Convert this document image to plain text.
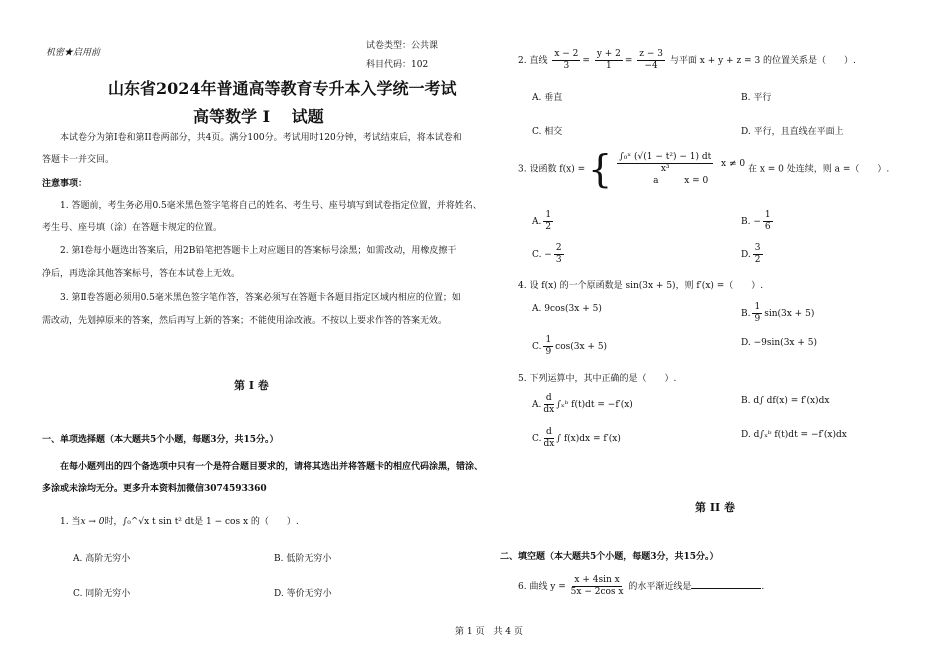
机密★启用前
试卷类型：公共课
科目代码：102
山东省2024年普通高等教育专升本入学统一考试
高等数学 I　 试题
本试卷分为第I卷和第II卷两部分，共4页。满分100分。考试用时120分钟，考试结束后，将本试卷和
答题卡一并交回。
注意事项：
1. 答题前，考生务必用0.5毫米黑色签字笔将自己的姓名、考生号、座号填写到试卷指定位置，并将姓名、
考生号、座号填（涂）在答题卡规定的位置。
2. 第Ⅰ卷每小题选出答案后，用2B铅笔把答题卡上对应题目的答案标号涂黑；如需改动，用橡皮擦干
净后，再选涂其他答案标号，答在本试卷上无效。
3. 第Ⅱ卷答题必须用0.5毫米黑色签字笔作答，答案必须写在答题卡各题目指定区域内相应的位置；如
需改动，先划掉原来的答案，然后再写上新的答案；不能使用涂改液。不按以上要求作答的答案无效。
第 I 卷
一、单项选择题（本大题共5个小题，每题3分，共15分。）
在每小题列出的四个备选项中只有一个是符合题目要求的，请将其选出并将答题卡的相应代码涂黑，错涂、
多涂或未涂均无分。更多升本资料加微信3074593360
1. 当x → 0时，∫₀^√x t sin t² dt是 1 − cos x 的（　　）.
A. 高阶无穷小	B. 低阶无穷小
C. 同阶无穷小	D. 等价无穷小
2. 直线 $\frac{x - 2}{3} = \frac{y + 2}{1} = \frac{z - 3}{-4}$ 与平面 x + y + z = 3 的位置关系是（　　）.
A. 垂直	B. 平行
C. 相交	D. 平行，且直线在平面上
3. 设函数 f(x) = { $\frac{\text{∫₀ˣ (√(1 − t²) − 1) dt}}{\text{x³}}$ x ≠ 0
a	x = 0
在 x = 0 处连续，则 a =（　　）.
A. $\frac{1}{2}$	B. − $\frac{1}{6}$
C. − $\frac{2}{3}$	D. $\frac{3}{2}$
4. 设 f(x) 的一个原函数是 sin(3x + 5)，则 f′(x) =（　　）.
A. 9cos(3x + 5)	B. $\frac{1}{9} \sin(3x + 5)$
C. $\frac{1}{9} \cos(3x + 5)$	D. −9sin(3x + 5)
5. 下列运算中，其中正确的是（　　）.
A. $\frac{d}{dx}$ ∫ₓᵇ f(t)dt = −f′(x)	B. d∫ df(x) = f′(x)dx
C. $\frac{d}{dx}$ ∫ f(x)dx = f′(x)	D. d∫ₓᵇ f(t)dt = −f′(x)dx
第 II 卷
二、填空题（本大题共5个小题，每题3分，共15分。）
6. 曲线 $y = \frac{\text{x + 4sin x}}{\text{5x − 2cos x}}$ 的水平渐近线是	.
第 1 页　共 4 页
